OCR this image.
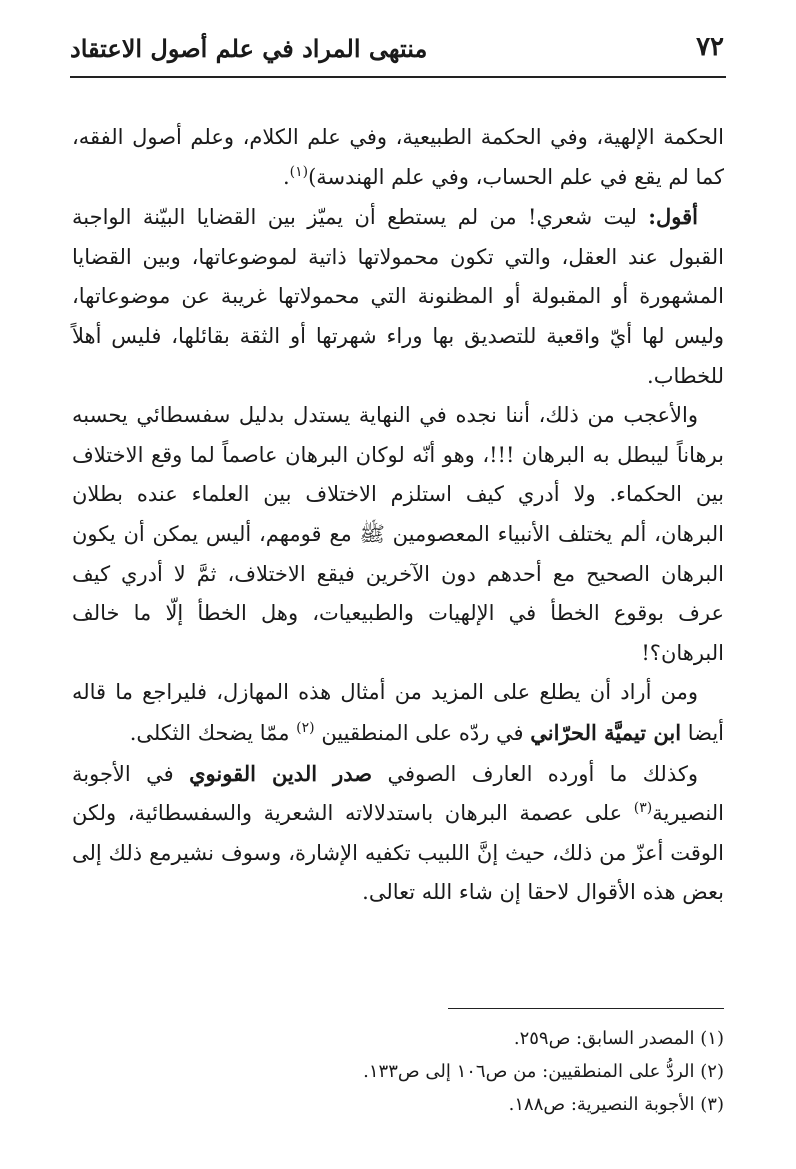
٧٢
منتهى المراد في علم أصول الاعتقاد

الحكمة الإلهية، وفي الحكمة الطبيعية، وفي علم الكلام، وعلم أصول الفقه، كما لم يقع في علم الحساب، وفي علم الهندسة)$^{(١)}$.

أقول: ليت شعري! من لم يستطع أن يميّز بين القضايا البيّنة الواجبة القبول عند العقل، والتي تكون محمولاتها ذاتية لموضوعاتها، وبين القضايا المشهورة أو المقبولة أو المظنونة التي محمولاتها غريبة عن موضوعاتها، وليس لها أيّ واقعية للتصديق بها وراء شهرتها أو الثقة بقائلها، فليس أهلاً للخطاب.

والأعجب من ذلك، أننا نجده في النهاية يستدل بدليل سفسطائي يحسبه برهاناً ليبطل به البرهان !!!، وهو أنّه لوكان البرهان عاصماً لما وقع الاختلاف بين الحكماء. ولا أدري كيف استلزم الاختلاف بين العلماء عنده بطلان البرهان، ألم يختلف الأنبياء المعصومين ﷺ مع قومهم، أليس يمكن أن يكون البرهان الصحيح مع أحدهم دون الآخرين فيقع الاختلاف، ثمَّ لا أدري كيف عرف بوقوع الخطأ في الإلهيات والطبيعيات، وهل الخطأ إلّا ما خالف البرهان؟!

ومن أراد أن يطلع على المزيد من أمثال هذه المهازل، فليراجع ما قاله أيضا ابن تيميَّة الحرّاني في ردّه على المنطقيين $^{(٢)}$ ممّا يضحك الثكلى.

وكذلك ما أورده العارف الصوفي صدر الدين القونوي في الأجوبة النصيرية$^{(٣)}$ على عصمة البرهان باستدلالاته الشعرية والسفسطائية، ولكن الوقت أعزّ من ذلك، حيث إنَّ اللبيب تكفيه الإشارة، وسوف نشيرمع ذلك إلى بعض هذه الأقوال لاحقا إن شاء الله تعالى.

(١) المصدر السابق: ص٢٥٩.

(٢) الردُّ على المنطقيين: من ص١٠٦ إلى ص١٣٣.

(٣) الأجوبة النصيرية: ص١٨٨.
